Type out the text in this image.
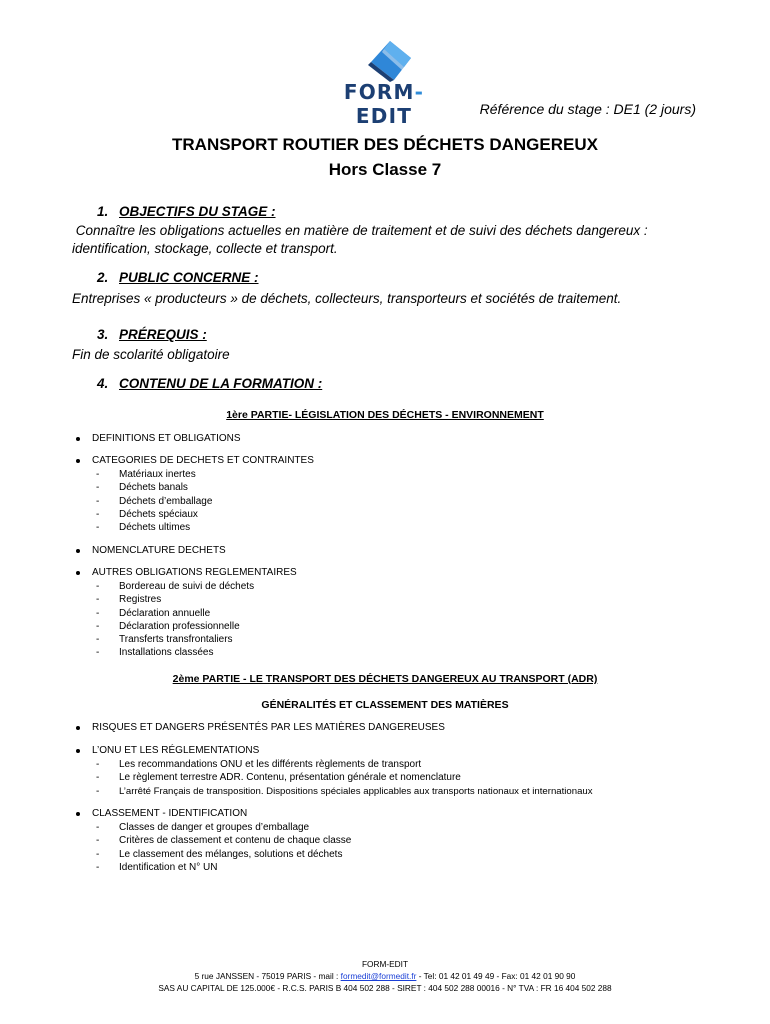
FORM-EDIT	Référence du stage : DE1 (2 jours)
TRANSPORT ROUTIER DES DÉCHETS DANGEREUX
Hors Classe 7
1. OBJECTIFS DU STAGE :
Connaître les obligations actuelles en matière de traitement et de suivi des déchets dangereux : identification, stockage, collecte et transport.
2. PUBLIC CONCERNE :
Entreprises « producteurs » de déchets, collecteurs, transporteurs et sociétés de traitement.
3. PRÉREQUIS :
Fin de scolarité obligatoire
4. CONTENU DE LA FORMATION :
1ère PARTIE- LÉGISLATION DES DÉCHETS - ENVIRONNEMENT
DEFINITIONS ET OBLIGATIONS
CATEGORIES DE DECHETS ET CONTRAINTES
- Matériaux inertes
- Déchets banals
- Déchets d’emballage
- Déchets spéciaux
- Déchets ultimes
NOMENCLATURE DECHETS
AUTRES OBLIGATIONS REGLEMENTAIRES
- Bordereau de suivi de déchets
- Registres
- Déclaration annuelle
- Déclaration professionnelle
- Transferts transfrontaliers
- Installations classées
2ème PARTIE - LE TRANSPORT DES DÉCHETS DANGEREUX AU TRANSPORT (ADR)
GÉNÉRALITÉS ET CLASSEMENT DES MATIÈRES
RISQUES ET DANGERS PRÉSENTÉS PAR LES MATIÈRES DANGEREUSES
L’ONU ET LES RÉGLEMENTATIONS
- Les recommandations ONU et les différents règlements de transport
- Le règlement terrestre ADR. Contenu, présentation générale et nomenclature
- L’arrêté Français de transposition. Dispositions spéciales applicables aux transports nationaux et internationaux
CLASSEMENT - IDENTIFICATION
- Classes de danger et groupes d’emballage
- Critères de classement et contenu de chaque classe
- Le classement des mélanges, solutions et déchets
- Identification et N° UN
FORM-EDIT
5 rue JANSSEN - 75019 PARIS - mail : formedit@formedit.fr - Tel: 01 42 01 49 49 - Fax: 01 42 01 90 90
SAS AU CAPITAL DE 125.000€ - R.C.S. PARIS B 404 502 288 - SIRET : 404 502 288 00016 - N° TVA : FR 16 404 502 288
